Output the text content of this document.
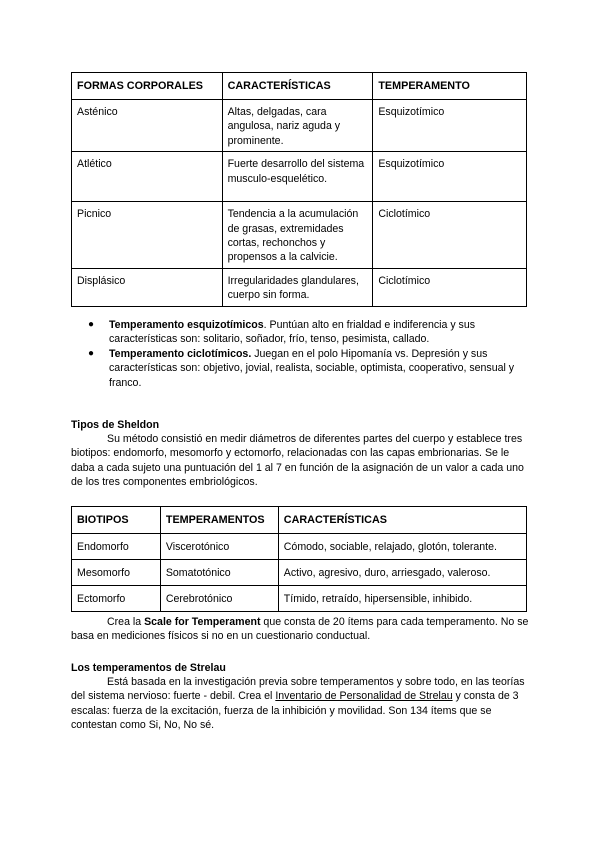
FORMAS CORPORALES	CARACTERÍSTICAS	TEMPERAMENTO
Asténico	Altas, delgadas, cara angulosa, nariz aguda y prominente.	Esquizotímico
Atlético	Fuerte desarrollo del sistema musculo-esquelético.	Esquizotímico
Picnico	Tendencia a la acumulación de grasas, extremidades cortas, rechonchos y propensos a la calvicie.	Ciclotímico
Displásico	Irregularidades glandulares, cuerpo sin forma.	Ciclotímico
● Temperamento esquizotímicos. Puntúan alto en frialdad e indiferencia y sus características son: solitario, soñador, frío, tenso, pesimista, callado.
● Temperamento ciclotímicos. Juegan en el polo Hipomanía vs. Depresión y sus características son: objetivo, jovial, realista, sociable, optimista, cooperativo, sensual y franco.
Tipos de Sheldon
Su método consistió en medir diámetros de diferentes partes del cuerpo y establece tres biotipos: endomorfo, mesomorfo y ectomorfo, relacionadas con las capas embrionarias. Se le daba a cada sujeto una puntuación del 1 al 7 en función de la asignación de un valor a cada uno de los tres componentes embriológicos.
BIOTIPOS	TEMPERAMENTOS	CARACTERÍSTICAS
Endomorfo	Viscerotónico	Cómodo, sociable, relajado, glotón, tolerante.
Mesomorfo	Somatotónico	Activo, agresivo, duro, arriesgado, valeroso.
Ectomorfo	Cerebrotónico	Tímido, retraído, hipersensible, inhibido.
Crea la Scale for Temperament que consta de 20 ítems para cada temperamento. No se basa en mediciones físicos si no en un cuestionario conductual.
Los temperamentos de Strelau
Está basada en la investigación previa sobre temperamentos y sobre todo, en las teorías del sistema nervioso: fuerte - debil. Crea el Inventario de Personalidad de Strelau y consta de 3 escalas: fuerza de la excitación, fuerza de la inhibición y movilidad. Son 134 ítems que se contestan como Si, No, No sé.
